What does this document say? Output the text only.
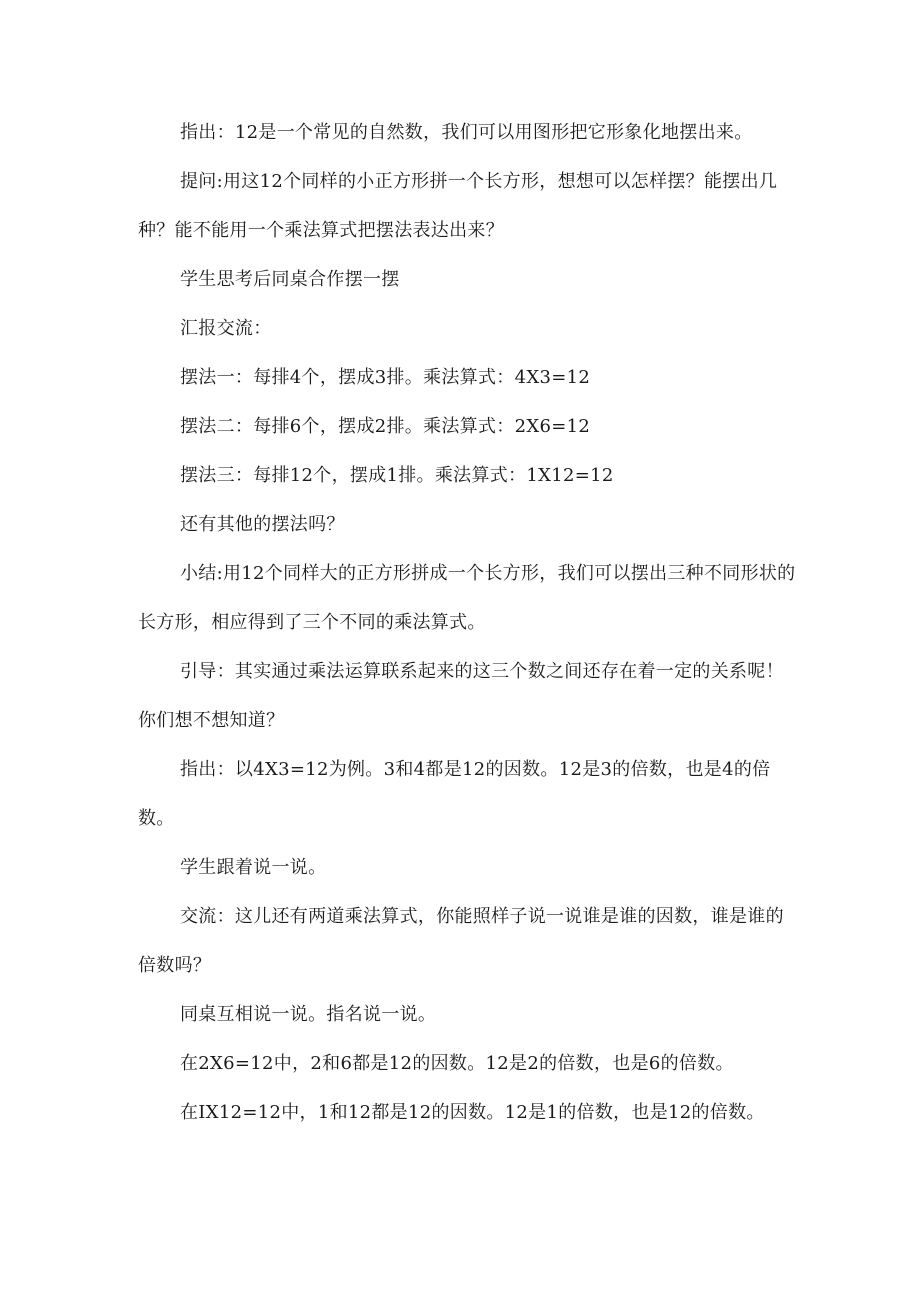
指出：12是一个常见的自然数，我们可以用图形把它形象化地摆出来。

提问:用这12个同样的小正方形拼一个长方形，想想可以怎样摆？能摆出几种？能不能用一个乘法算式把摆法表达出来？

学生思考后同桌合作摆一摆

汇报交流：

摆法一：每排4个，摆成3排。乘法算式：4X3=12

摆法二：每排6个，摆成2排。乘法算式：2X6=12

摆法三：每排12个，摆成1排。乘法算式：1X12=12

还有其他的摆法吗？

小结:用12个同样大的正方形拼成一个长方形，我们可以摆出三种不同形状的长方形，相应得到了三个不同的乘法算式。

引导：其实通过乘法运算联系起来的这三个数之间还存在着一定的关系呢！你们想不想知道？

指出：以4X3=12为例。3和4都是12的因数。12是3的倍数，也是4的倍数。

学生跟着说一说。

交流：这儿还有两道乘法算式，你能照样子说一说谁是谁的因数，谁是谁的倍数吗？

同桌互相说一说。指名说一说。

在2X6=12中，2和6都是12的因数。12是2的倍数，也是6的倍数。

在IX12=12中，1和12都是12的因数。12是1的倍数，也是12的倍数。
